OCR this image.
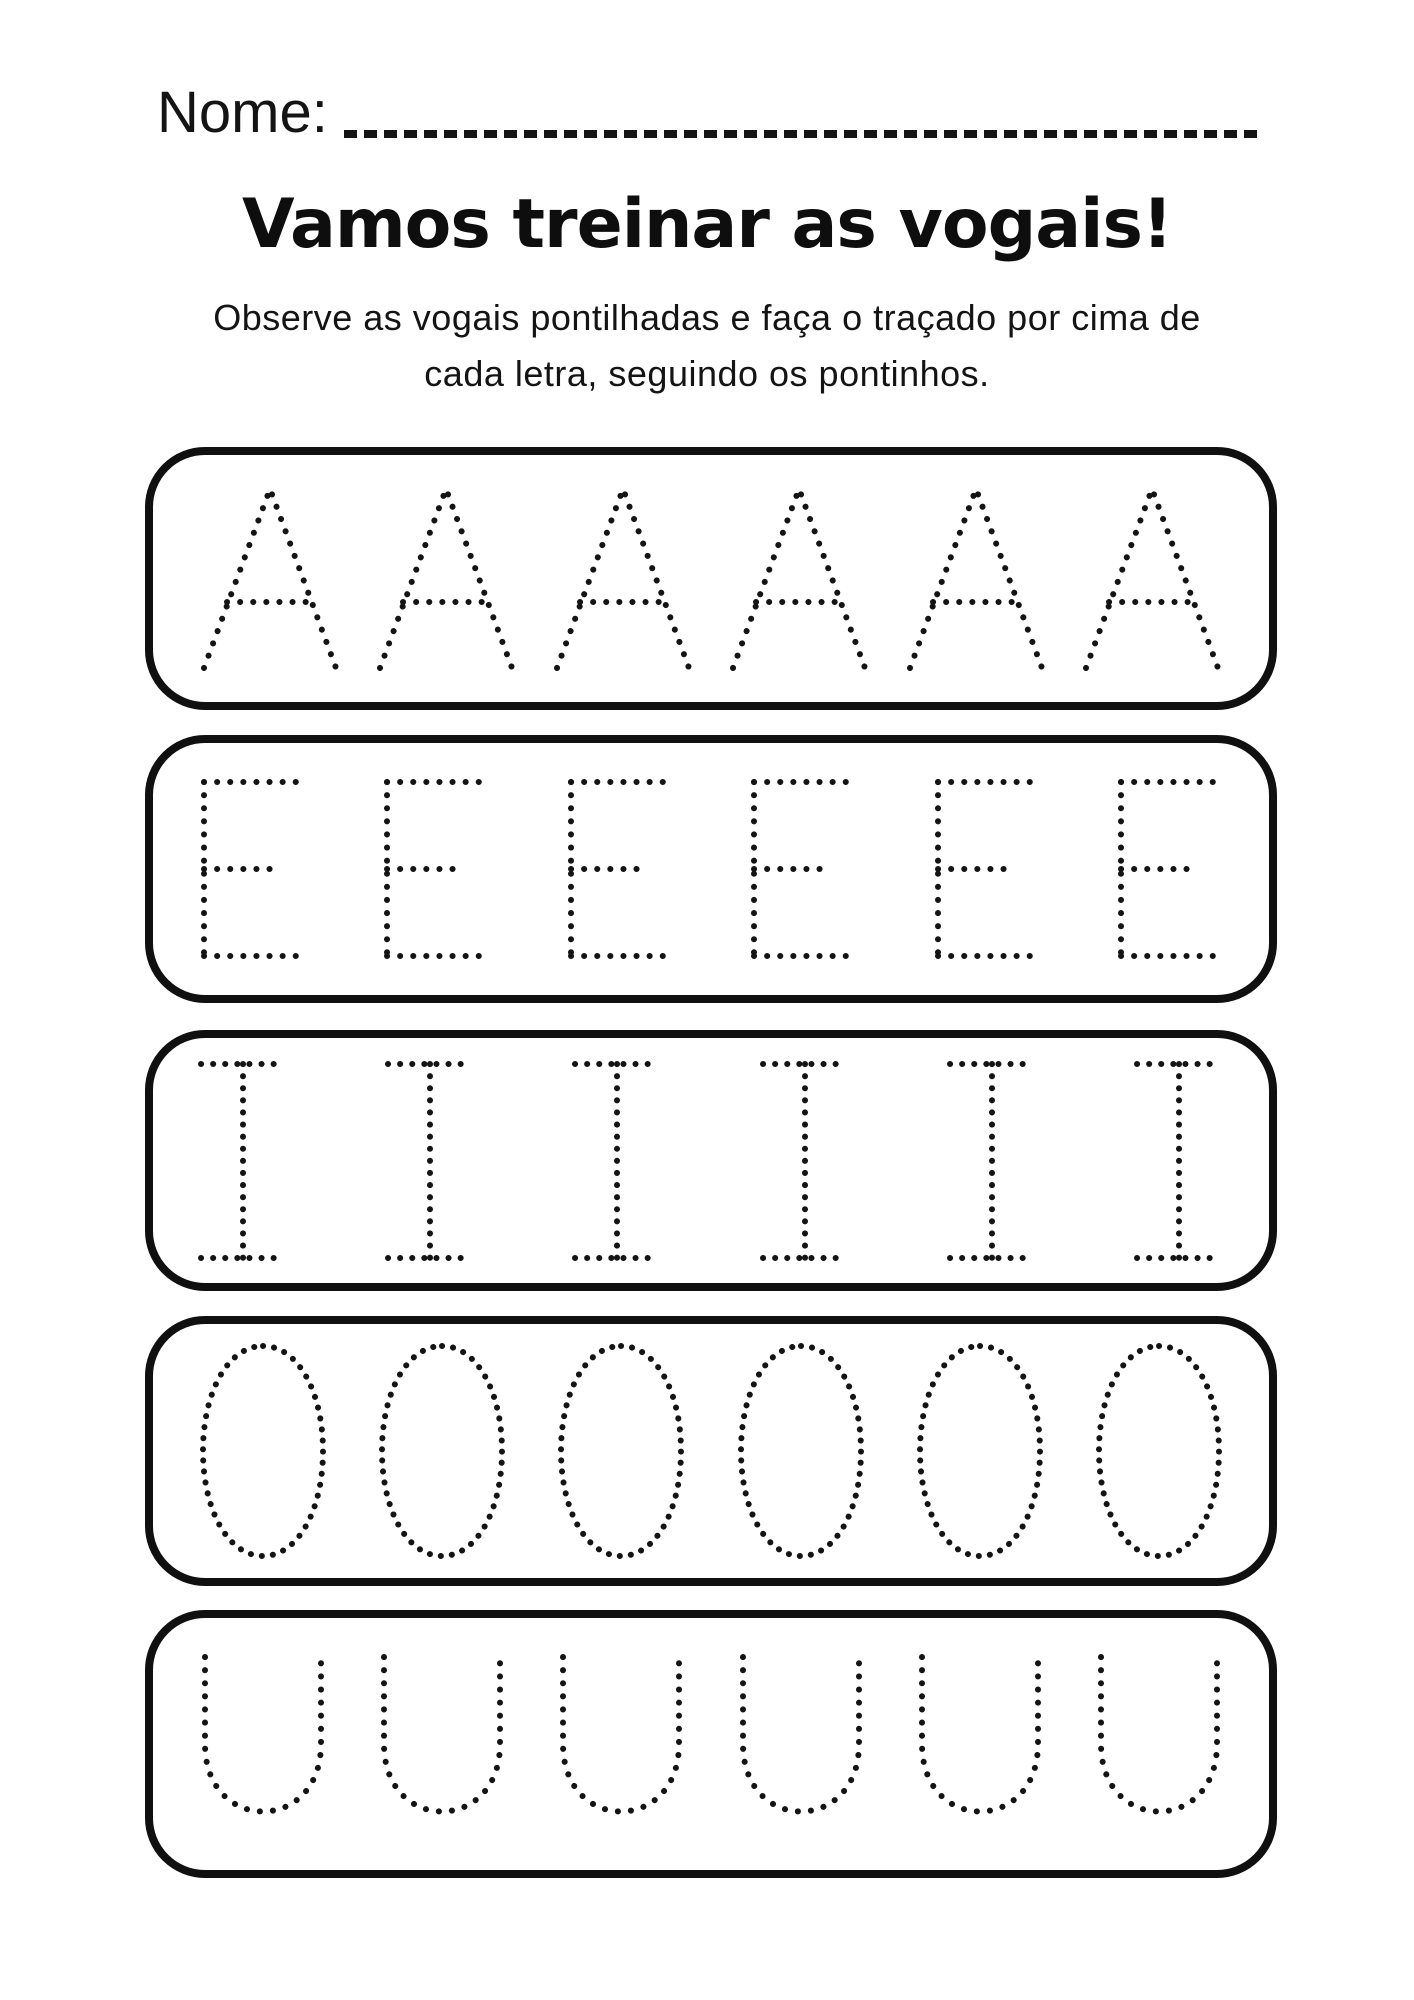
Nome:
Vamos treinar as vogais!

Observe as vogais pontilhadas e faça o traçado por cima de
cada letra, seguindo os pontinhos.
